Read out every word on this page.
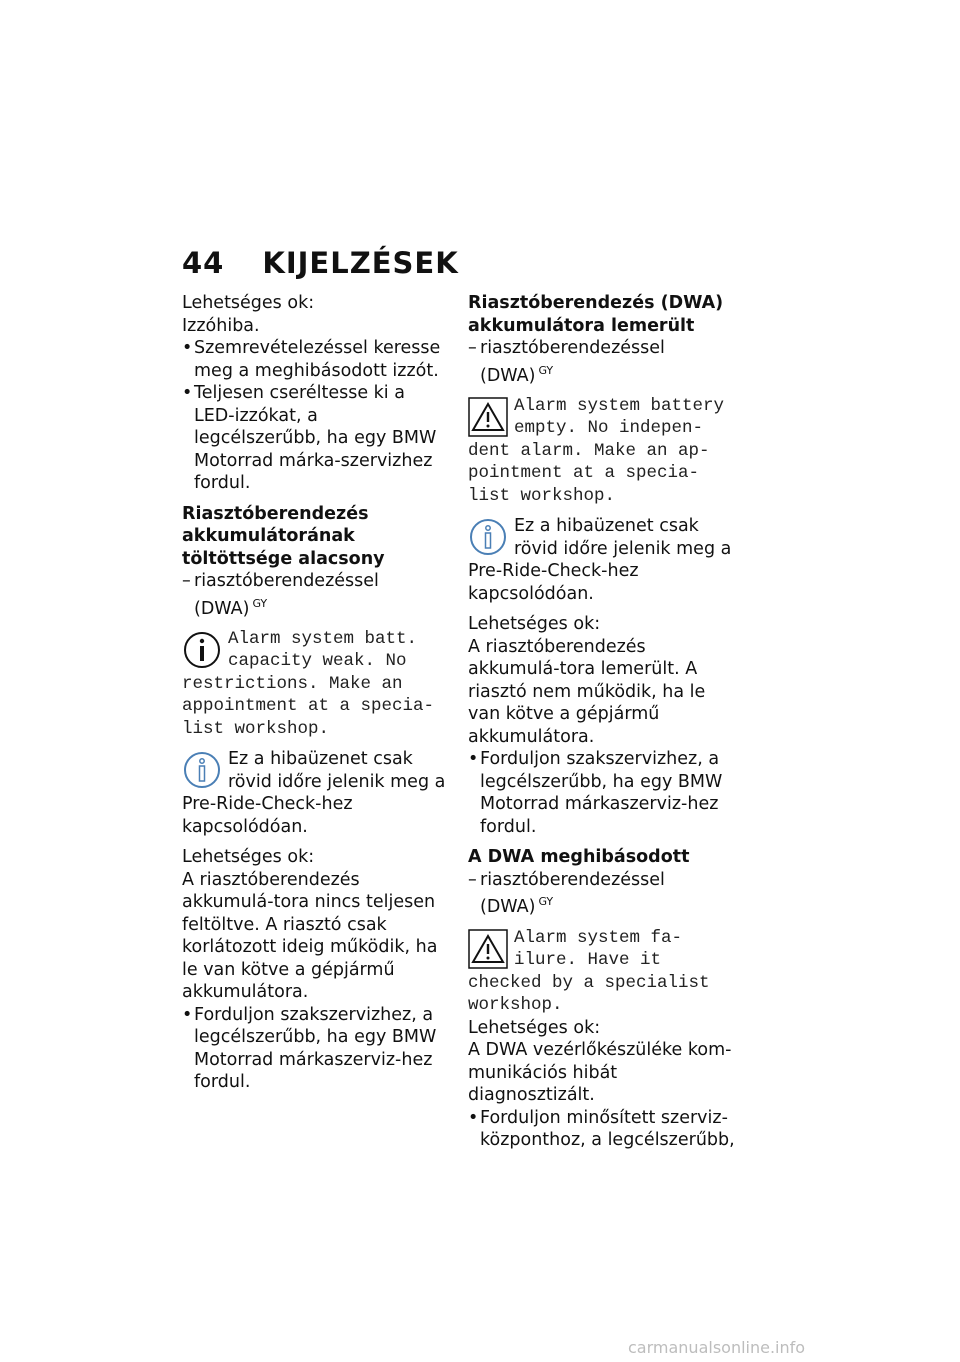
44 KIJELZÉSEK

Lehetséges ok:

Izzóhiba.

• Szemrevételezéssel keresse meg a meghibásodott izzót.

• Teljesen cseréltesse ki a LED-izzókat, a legcélszerűbb, ha egy BMW Motorrad márka-szervizhez fordul.

Riasztóberendezés akkumulátorának töltöttsége alacsony

– riasztóberendezéssel
(DWA) $^{GY}$

Alarm system batt. capacity weak. No restrictions. Make an appointment at a specia-list workshop.

Ez a hibaüzenet csak rövid időre jelenik meg a Pre-Ride-Check-hez kapcsolódóan.

Lehetséges ok:

A riasztóberendezés akkumulá-tora nincs teljesen feltöltve. A riasztó csak korlátozott ideig működik, ha le van kötve a gépjármű akkumulátora.

• Forduljon szakszervizhez, a legcélszerűbb, ha egy BMW Motorrad márkaszerviz-hez fordul.

Riasztóberendezés (DWA) akkumulátora lemerült

– riasztóberendezéssel
(DWA) $^{GY}$

Alarm system battery empty. No indepen-dent alarm. Make an ap-pointment at a specia-list workshop.

Ez a hibaüzenet csak rövid időre jelenik meg a Pre-Ride-Check-hez kapcsolódóan.

Lehetséges ok:

A riasztóberendezés akkumulá-tora lemerült. A riasztó nem működik, ha le van kötve a gépjármű akkumulátora.

• Forduljon szakszervizhez, a legcélszerűbb, ha egy BMW Motorrad márkaszerviz-hez fordul.

A DWA meghibásodott

– riasztóberendezéssel
(DWA) $^{GY}$

Alarm system fa-ilure. Have it checked by a specialist workshop.

Lehetséges ok:

A DWA vezérlőkészüléke kom-munikációs hibát diagnosztizált.

• Forduljon minősített szerviz-központhoz, a legcélszerűbb,

carmanualsonline.info
